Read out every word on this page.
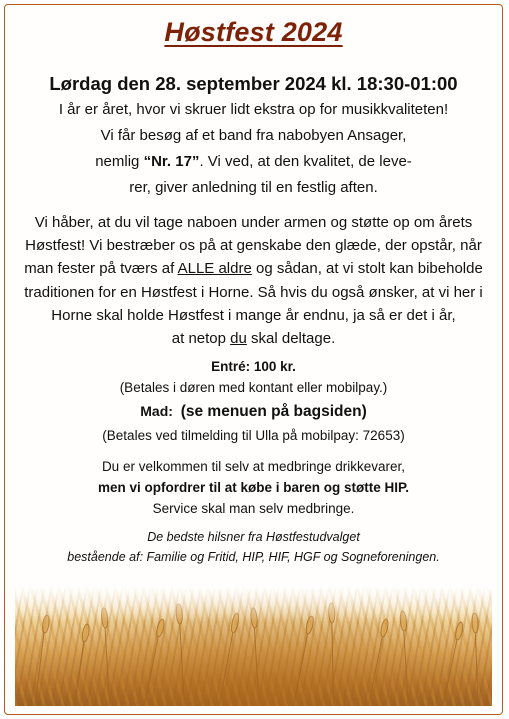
Høstfest 2024
Lørdag den 28. september 2024 kl. 18:30-01:00
I år er året, hvor vi skruer lidt ekstra op for musikkvaliteten!
Vi får besøg af et band fra nabobyen Ansager,
nemlig “Nr. 17”. Vi ved, at den kvalitet, de leve-
rer, giver anledning til en festlig aften.
Vi håber, at du vil tage naboen under armen og støtte op om årets
Høstfest! Vi bestræber os på at genskabe den glæde, der opstår, når
man fester på tværs af ALLE aldre og sådan, at vi stolt kan bibeholde
traditionen for en Høstfest i Horne. Så hvis du også ønsker, at vi her i
Horne skal holde Høstfest i mange år endnu, ja så er det i år,
at netop du skal deltage.
Entré: 100 kr.
(Betales i døren med kontant eller mobilpay.)
Mad: (se menuen på bagsiden)
(Betales ved tilmelding til Ulla på mobilpay: 72653)
Du er velkommen til selv at medbringe drikkevarer,
men vi opfordrer til at købe i baren og støtte HIP.
Service skal man selv medbringe.
De bedste hilsner fra Høstfestudvalget
bestående af: Familie og Fritid, HIP, HIF, HGF og Sogneforeningen.
